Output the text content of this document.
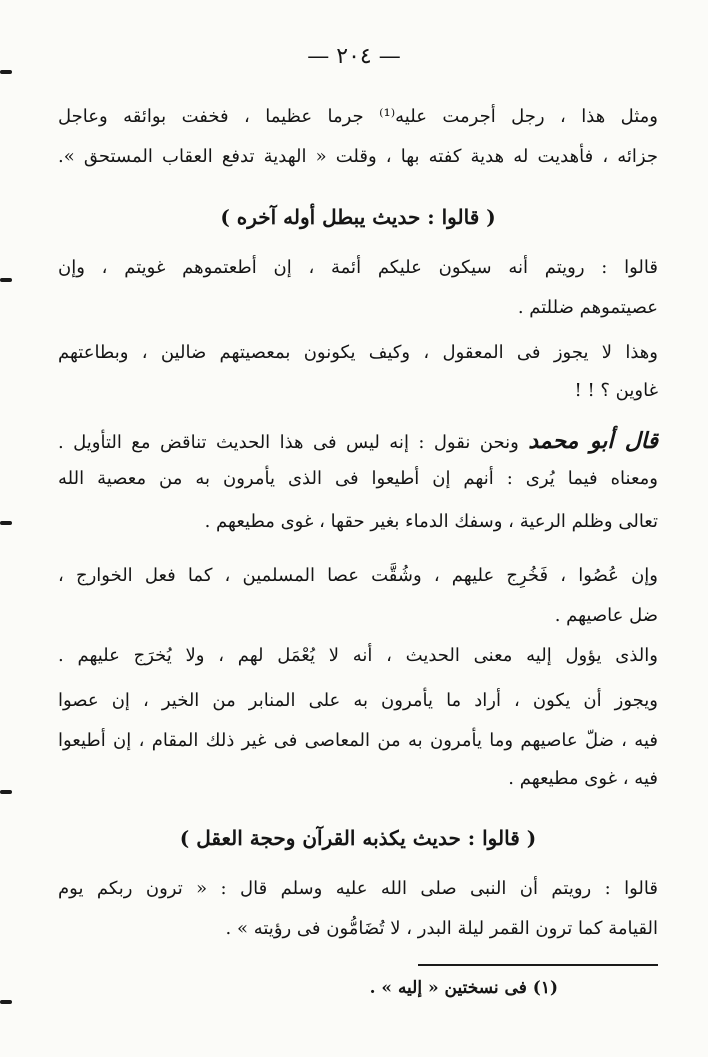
— ٢٠٤ —
ومثل هذا ، رجل أجرمت عليه⁽¹⁾ جرما عظيما ، فخفت بوائقه وعاجل
جزائه ، فأهديت له هدية كفته بها ، وقلت « الهدية تدفع العقاب المستحق ».
( قالوا : حديث يبطل أوله آخره )
قالوا : رويتم أنه سيكون عليكم أئمة ، إن أطعتموهم غويتم ، وإن
عصيتموهم ضللتم .
وهذا لا يجوز فى المعقول ، وكيف يكونون بمعصيتهم ضالين ، وبطاعتهم
غاوين ؟ ! !
قال أبو محمد ونحن نقول : إنه ليس فى هذا الحديث تناقض مع التأويل .
ومعناه فيما يُرى : أنهم إن أطيعوا فى الذى يأمرون به من معصية الله
تعالى وظلم الرعية ، وسفك الدماء بغير حقها ، غوى مطيعهم .
وإن عُصُوا ، فَخُرِج عليهم ، وشُقَّت عصا المسلمين ، كما فعل الخوارج ،
ضل عاصيهم .
والذى يؤول إليه معنى الحديث ، أنه لا يُعْمَل لهم ، ولا يُخرَج عليهم .
ويجوز أن يكون ، أراد ما يأمرون به على المنابر من الخير ، إن عصوا
فيه ، ضلّ عاصيهم وما يأمرون به من المعاصى فى غير ذلك المقام ، إن أطيعوا
فيه ، غوى مطيعهم .
( قالوا : حديث يكذبه القرآن وحجة العقل )
قالوا : رويتم أن النبى صلى الله عليه وسلم قال : « ترون ربكم يوم
القيامة كما ترون القمر ليلة البدر ، لا تُضَامُّون فى رؤيته » .
(١) فى نسختين « إليه » .
